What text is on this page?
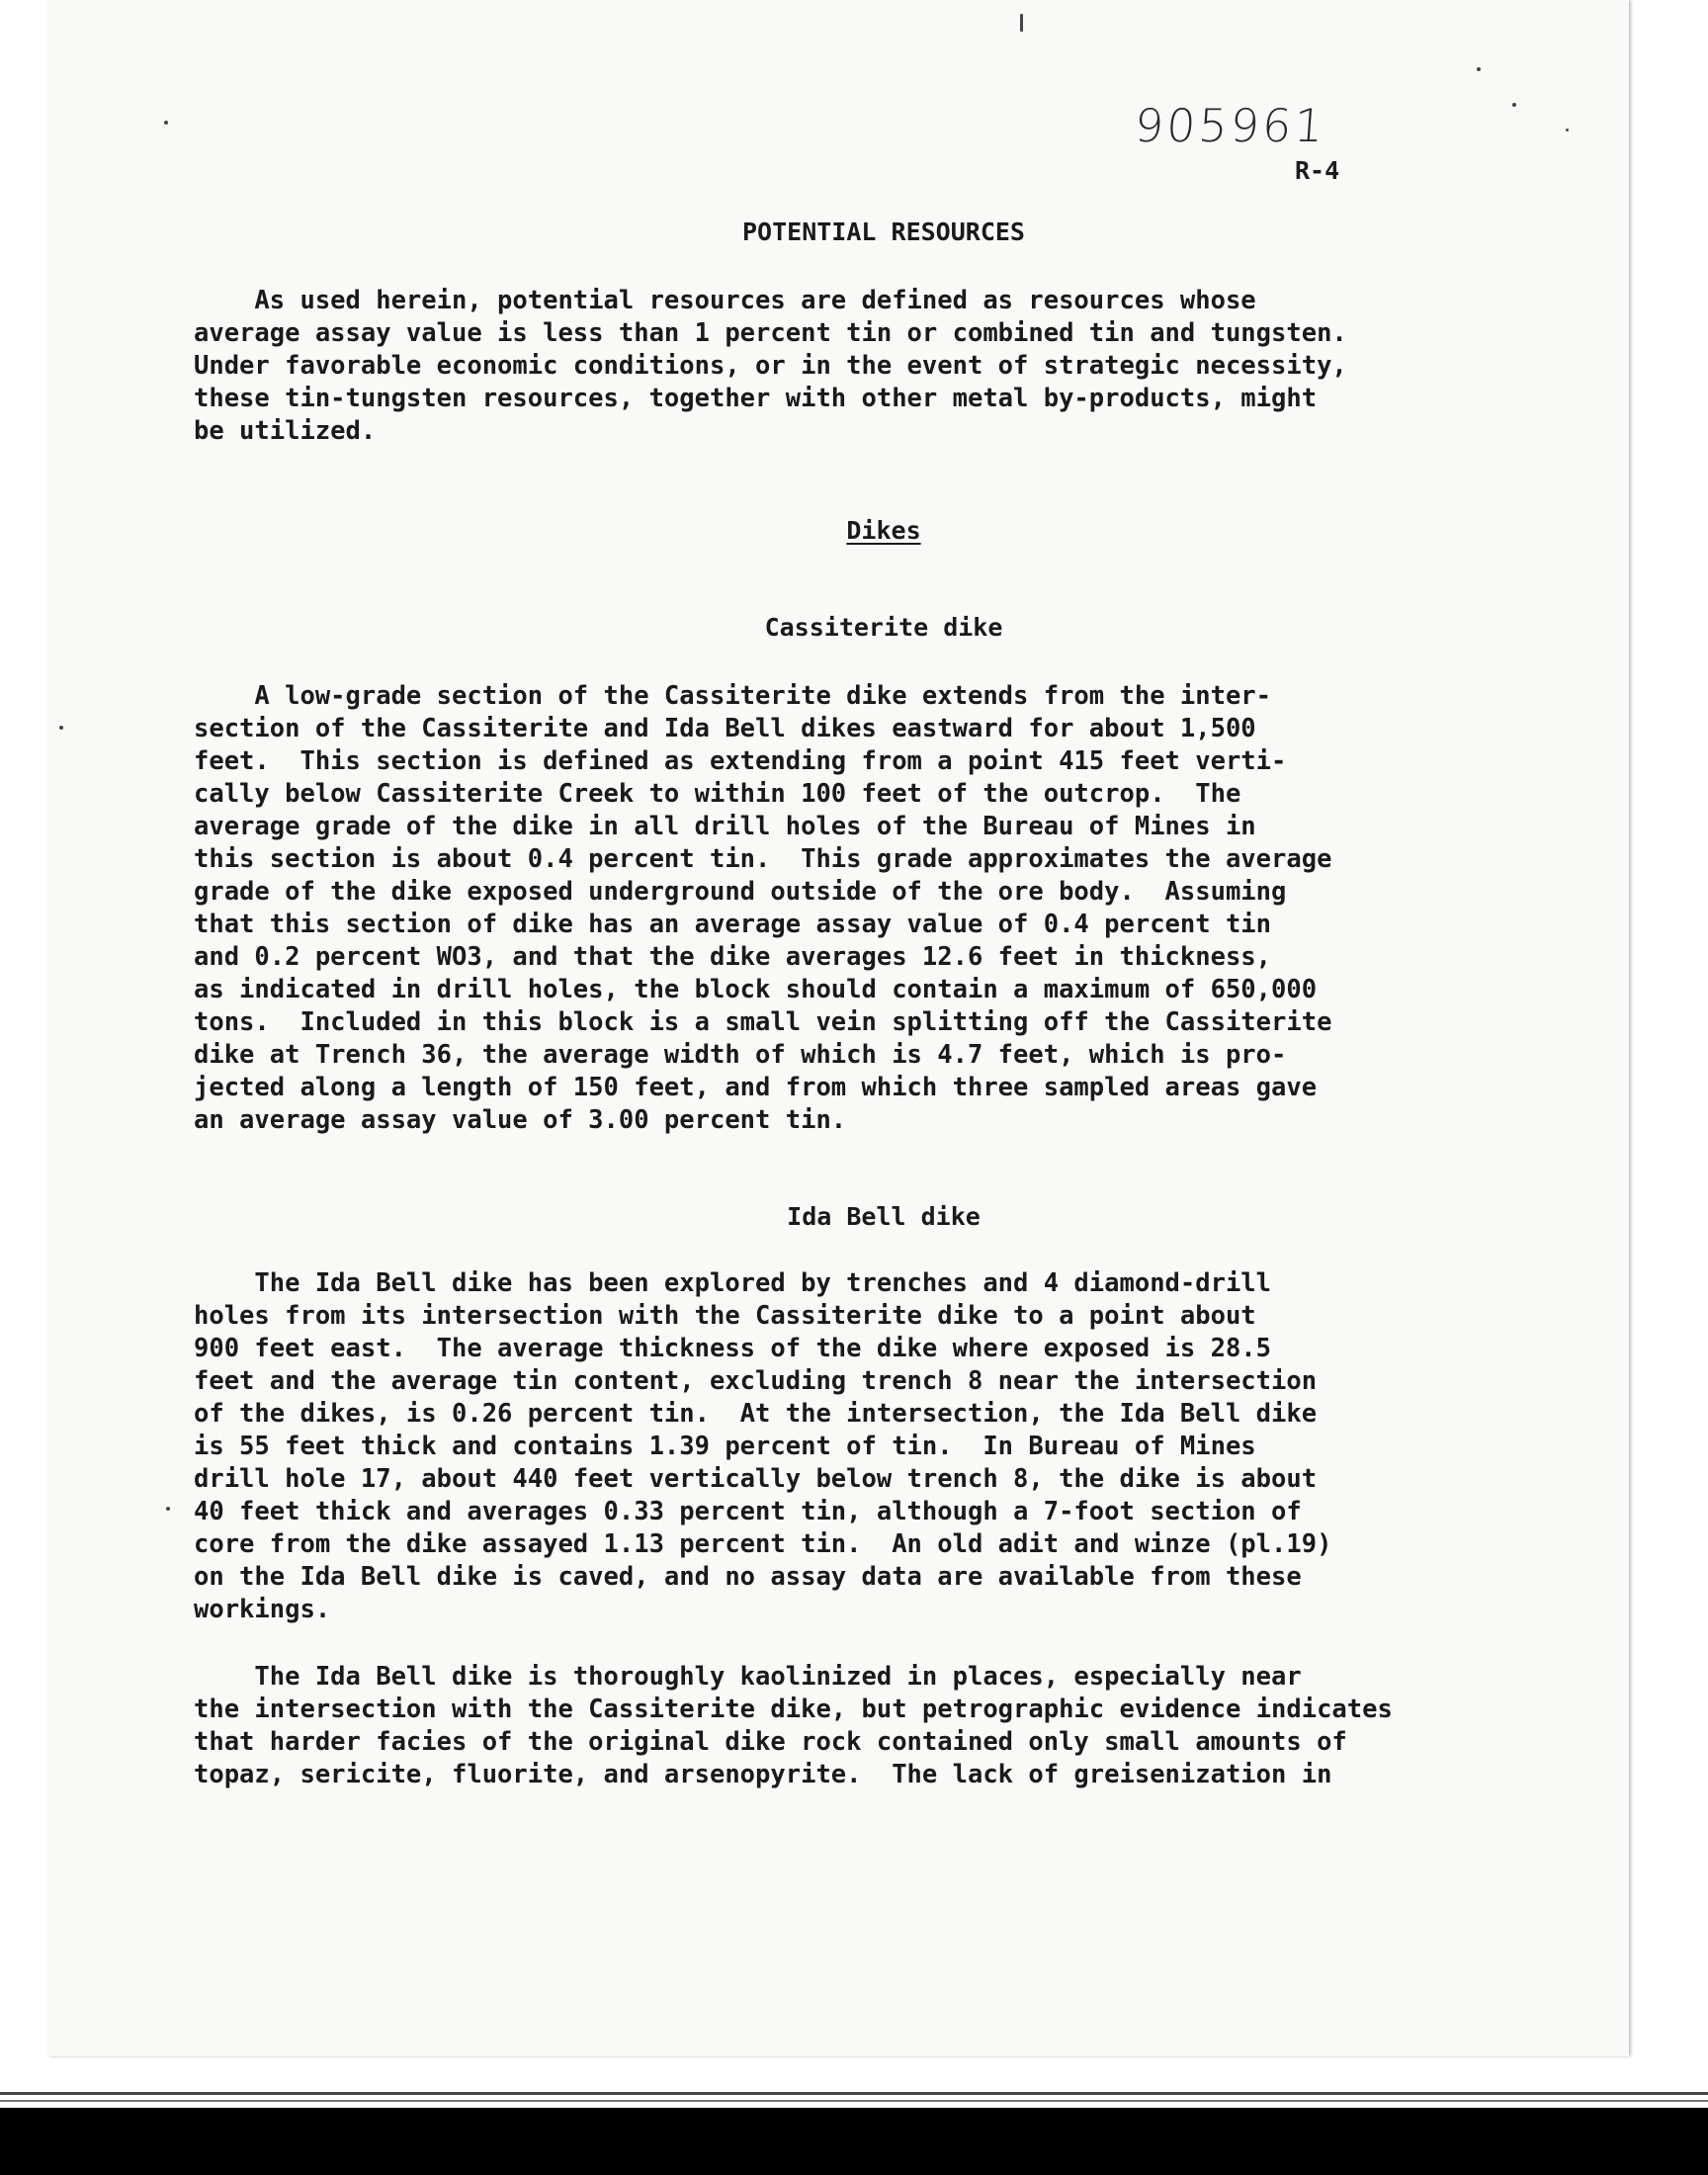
905961
R-4
POTENTIAL RESOURCES
As used herein, potential resources are defined as resources whose
average assay value is less than 1 percent tin or combined tin and tungsten.
Under favorable economic conditions, or in the event of strategic necessity,
these tin-tungsten resources, together with other metal by-products, might
be utilized.
Dikes
Cassiterite dike
A low-grade section of the Cassiterite dike extends from the inter-
section of the Cassiterite and Ida Bell dikes eastward for about 1,500
feet.  This section is defined as extending from a point 415 feet verti-
cally below Cassiterite Creek to within 100 feet of the outcrop.  The
average grade of the dike in all drill holes of the Bureau of Mines in
this section is about 0.4 percent tin.  This grade approximates the average
grade of the dike exposed underground outside of the ore body.  Assuming
that this section of dike has an average assay value of 0.4 percent tin
and 0.2 percent WO3, and that the dike averages 12.6 feet in thickness,
as indicated in drill holes, the block should contain a maximum of 650,000
tons.  Included in this block is a small vein splitting off the Cassiterite
dike at Trench 36, the average width of which is 4.7 feet, which is pro-
jected along a length of 150 feet, and from which three sampled areas gave
an average assay value of 3.00 percent tin.
Ida Bell dike
The Ida Bell dike has been explored by trenches and 4 diamond-drill
holes from its intersection with the Cassiterite dike to a point about
900 feet east.  The average thickness of the dike where exposed is 28.5
feet and the average tin content, excluding trench 8 near the intersection
of the dikes, is 0.26 percent tin.  At the intersection, the Ida Bell dike
is 55 feet thick and contains 1.39 percent of tin.  In Bureau of Mines
drill hole 17, about 440 feet vertically below trench 8, the dike is about
40 feet thick and averages 0.33 percent tin, although a 7-foot section of
core from the dike assayed 1.13 percent tin.  An old adit and winze (pl.19)
on the Ida Bell dike is caved, and no assay data are available from these
workings.
The Ida Bell dike is thoroughly kaolinized in places, especially near
the intersection with the Cassiterite dike, but petrographic evidence indicates
that harder facies of the original dike rock contained only small amounts of
topaz, sericite, fluorite, and arsenopyrite.  The lack of greisenization in
